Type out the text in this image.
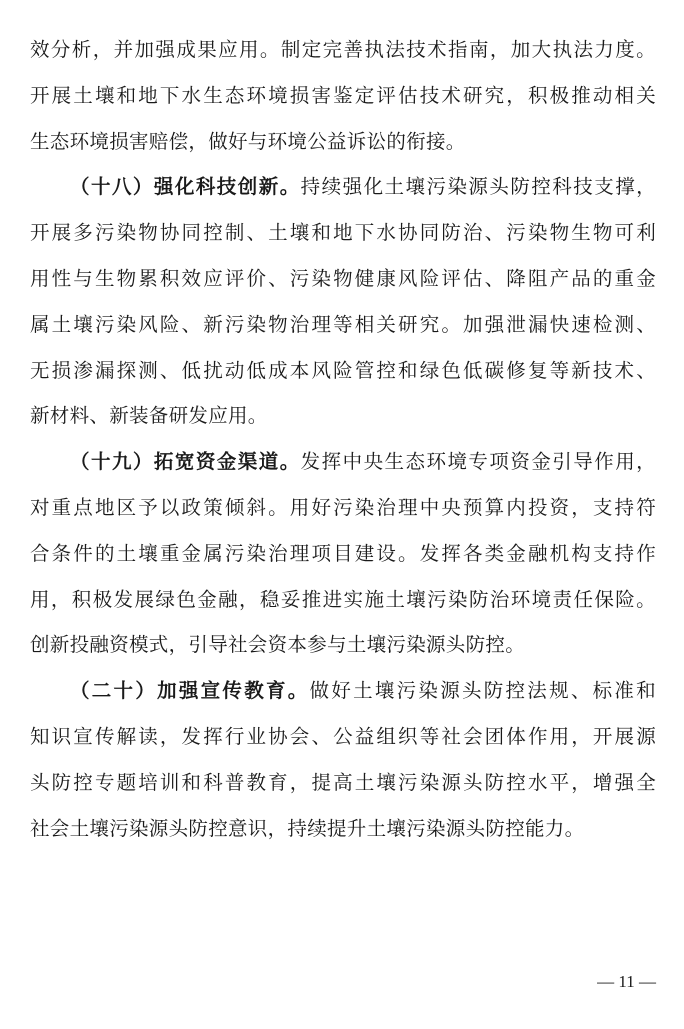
效分析，并加强成果应用。制定完善执法技术指南，加大执法力度。
开展土壤和地下水生态环境损害鉴定评估技术研究，积极推动相关
生态环境损害赔偿，做好与环境公益诉讼的衔接。
（十八）强化科技创新。持续强化土壤污染源头防控科技支撑，
开展多污染物协同控制、土壤和地下水协同防治、污染物生物可利
用性与生物累积效应评价、污染物健康风险评估、降阻产品的重金
属土壤污染风险、新污染物治理等相关研究。加强泄漏快速检测、
无损渗漏探测、低扰动低成本风险管控和绿色低碳修复等新技术、
新材料、新装备研发应用。
（十九）拓宽资金渠道。发挥中央生态环境专项资金引导作用，
对重点地区予以政策倾斜。用好污染治理中央预算内投资，支持符
合条件的土壤重金属污染治理项目建设。发挥各类金融机构支持作
用，积极发展绿色金融，稳妥推进实施土壤污染防治环境责任保险。
创新投融资模式，引导社会资本参与土壤污染源头防控。
（二十）加强宣传教育。做好土壤污染源头防控法规、标准和
知识宣传解读，发挥行业协会、公益组织等社会团体作用，开展源
头防控专题培训和科普教育，提高土壤污染源头防控水平，增强全
社会土壤污染源头防控意识，持续提升土壤污染源头防控能力。
— 11 —
